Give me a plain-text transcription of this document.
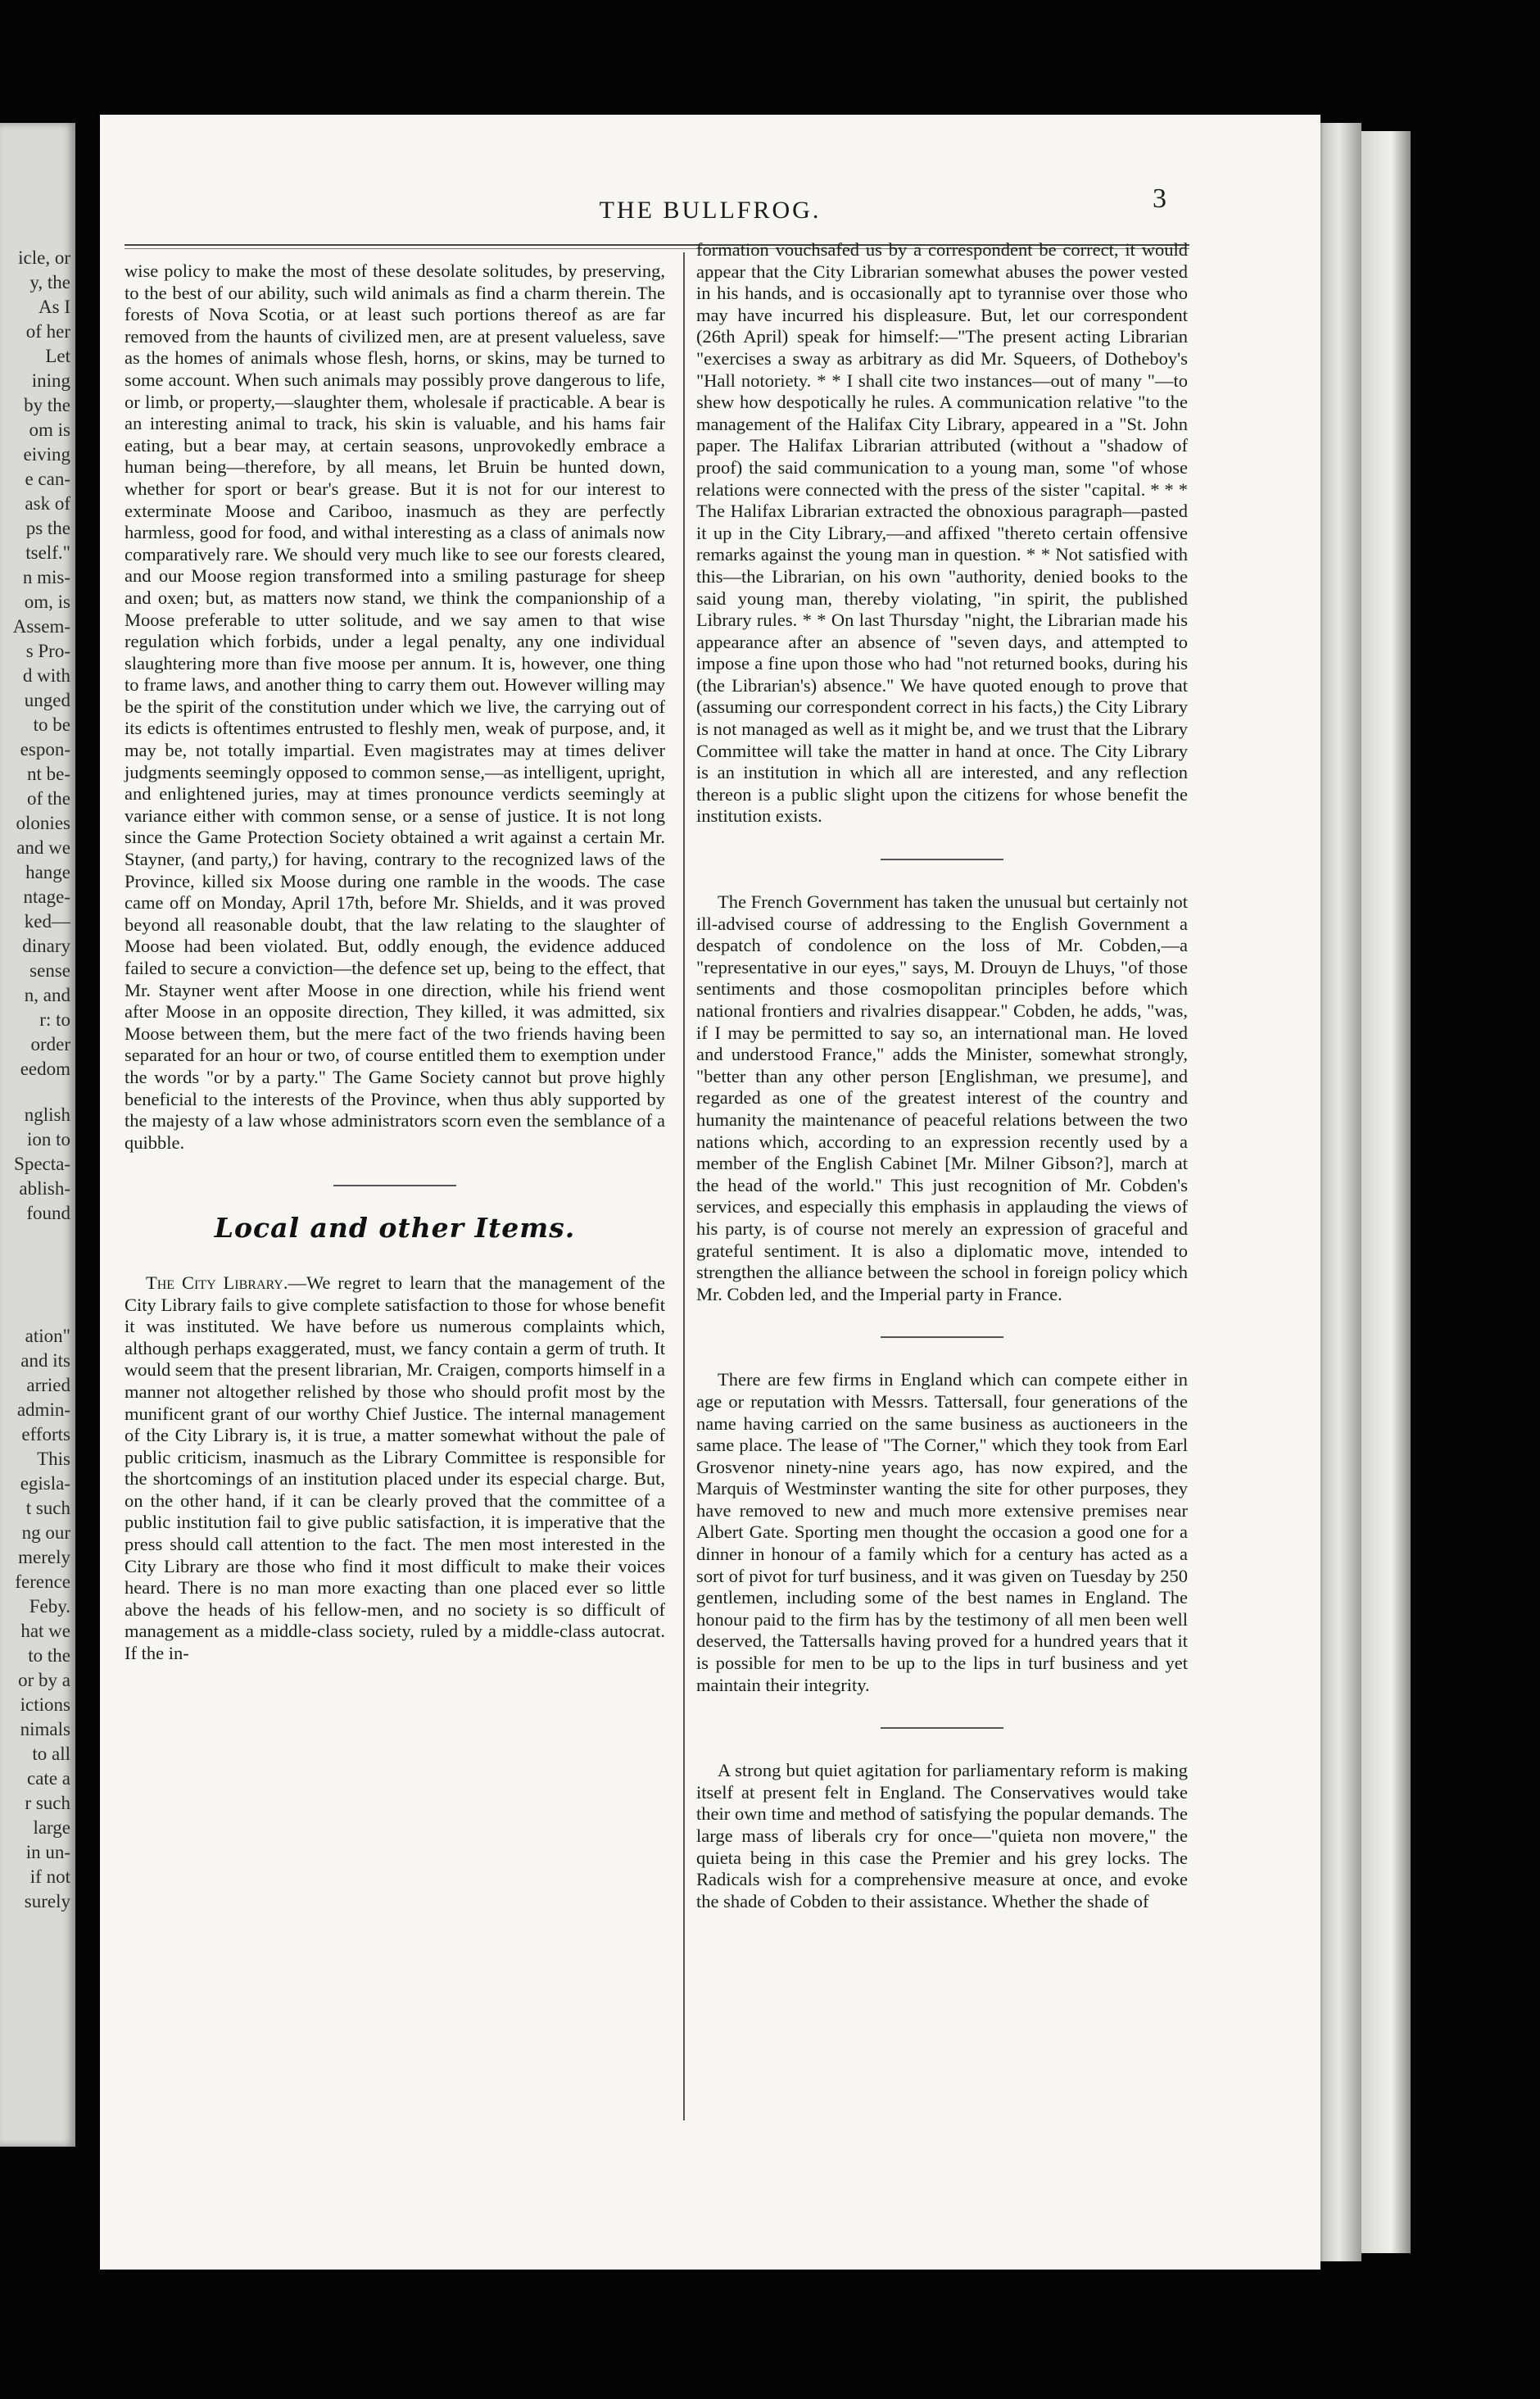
icle, or
y, the
As I
of her
Let
ining
by the
om is
eiving
e can-
ask of
ps the
tself."
n mis-
om, is
Assem-
s Pro-
d with
unged
to be
espon-
nt be-
of the
olonies
and we
hange
ntage-
ked—
dinary
sense
n, and
r: to
order
eedom
nglish
ion to
Specta-
ablish-
found
ation"
and its
arried
admin-
efforts
This
egisla-
t such
ng our
merely
ference
Feby.
hat we
to the
or by a
ictions
nimals
to all
cate a
r such
large
in un-
if not
surely
THE BULLFROG.	3

wise policy to make the most of these desolate solitudes, by preserving, to the best of our ability, such wild animals as find a charm therein. The forests of Nova Scotia, or at least such portions thereof as are far removed from the haunts of civilized men, are at present valueless, save as the homes of animals whose flesh, horns, or skins, may be turned to some account. When such animals may possibly prove dangerous to life, or limb, or property,—slaughter them, wholesale if practicable. A bear is an interesting animal to track, his skin is valuable, and his hams fair eating, but a bear may, at certain seasons, unprovokedly embrace a human being—therefore, by all means, let Bruin be hunted down, whether for sport or bear's grease. But it is not for our interest to exterminate Moose and Cariboo, inasmuch as they are perfectly harmless, good for food, and withal interesting as a class of animals now comparatively rare. We should very much like to see our forests cleared, and our Moose region transformed into a smiling pasturage for sheep and oxen; but, as matters now stand, we think the companionship of a Moose preferable to utter solitude, and we say amen to that wise regulation which forbids, under a legal penalty, any one individual slaughtering more than five moose per annum. It is, however, one thing to frame laws, and another thing to carry them out. However willing may be the spirit of the constitution under which we live, the carrying out of its edicts is oftentimes entrusted to fleshly men, weak of purpose, and, it may be, not totally impartial. Even magistrates may at times deliver judgments seemingly opposed to common sense,—as intelligent, upright, and enlightened juries, may at times pronounce verdicts seemingly at variance either with common sense, or a sense of justice. It is not long since the Game Protection Society obtained a writ against a certain Mr. Stayner, (and party,) for having, contrary to the recognized laws of the Province, killed six Moose during one ramble in the woods. The case came off on Monday, April 17th, before Mr. Shields, and it was proved beyond all reasonable doubt, that the law relating to the slaughter of Moose had been violated. But, oddly enough, the evidence adduced failed to secure a conviction—the defence set up, being to the effect, that Mr. Stayner went after Moose in one direction, while his friend went after Moose in an opposite direction, They killed, it was admitted, six Moose between them, but the mere fact of the two friends having been separated for an hour or two, of course entitled them to exemption under the words "or by a party." The Game Society cannot but prove highly beneficial to the interests of the Province, when thus ably supported by the majesty of a law whose administrators scorn even the semblance of a quibble.

Local and other Items.

The City Library.—We regret to learn that the management of the City Library fails to give complete satisfaction to those for whose benefit it was instituted. We have before us numerous complaints which, although perhaps exaggerated, must, we fancy contain a germ of truth. It would seem that the present librarian, Mr. Craigen, comports himself in a manner not altogether relished by those who should profit most by the munificent grant of our worthy Chief Justice. The internal management of the City Library is, it is true, a matter somewhat without the pale of public criticism, inasmuch as the Library Committee is responsible for the shortcomings of an institution placed under its especial charge. But, on the other hand, if it can be clearly proved that the committee of a public institution fail to give public satisfaction, it is imperative that the press should call attention to the fact. The men most interested in the City Library are those who find it most difficult to make their voices heard. There is no man more exacting than one placed ever so little above the heads of his fellow-men, and no society is so difficult of management as a middle-class society, ruled by a middle-class autocrat. If the in-

formation vouchsafed us by a correspondent be correct, it would appear that the City Librarian somewhat abuses the power vested in his hands, and is occasionally apt to tyrannise over those who may have incurred his displeasure. But, let our correspondent (26th April) speak for himself:—"The present acting Librarian "exercises a sway as arbitrary as did Mr. Squeers, of Dotheboy's "Hall notoriety. * * I shall cite two instances—out of many "—to shew how despotically he rules. A communication relative "to the management of the Halifax City Library, appeared in a "St. John paper. The Halifax Librarian attributed (without a "shadow of proof) the said communication to a young man, some "of whose relations were connected with the press of the sister "capital. * * * The Halifax Librarian extracted the obnoxious paragraph—pasted it up in the City Library,—and affixed "thereto certain offensive remarks against the young man in question. * * Not satisfied with this—the Librarian, on his own "authority, denied books to the said young man, thereby violating, "in spirit, the published Library rules. * * On last Thursday "night, the Librarian made his appearance after an absence of "seven days, and attempted to impose a fine upon those who had "not returned books, during his (the Librarian's) absence." We have quoted enough to prove that (assuming our correspondent correct in his facts,) the City Library is not managed as well as it might be, and we trust that the Library Committee will take the matter in hand at once. The City Library is an institution in which all are interested, and any reflection thereon is a public slight upon the citizens for whose benefit the institution exists.

The French Government has taken the unusual but certainly not ill-advised course of addressing to the English Government a despatch of condolence on the loss of Mr. Cobden,—a "representative in our eyes," says, M. Drouyn de Lhuys, "of those sentiments and those cosmopolitan principles before which national frontiers and rivalries disappear." Cobden, he adds, "was, if I may be permitted to say so, an international man. He loved and understood France," adds the Minister, somewhat strongly, "better than any other person [Englishman, we presume], and regarded as one of the greatest interest of the country and humanity the maintenance of peaceful relations between the two nations which, according to an expression recently used by a member of the English Cabinet [Mr. Milner Gibson?], march at the head of the world." This just recognition of Mr. Cobden's services, and especially this emphasis in applauding the views of his party, is of course not merely an expression of graceful and grateful sentiment. It is also a diplomatic move, intended to strengthen the alliance between the school in foreign policy which Mr. Cobden led, and the Imperial party in France.

There are few firms in England which can compete either in age or reputation with Messrs. Tattersall, four generations of the name having carried on the same business as auctioneers in the same place. The lease of "The Corner," which they took from Earl Grosvenor ninety-nine years ago, has now expired, and the Marquis of Westminster wanting the site for other purposes, they have removed to new and much more extensive premises near Albert Gate. Sporting men thought the occasion a good one for a dinner in honour of a family which for a century has acted as a sort of pivot for turf business, and it was given on Tuesday by 250 gentlemen, including some of the best names in England. The honour paid to the firm has by the testimony of all men been well deserved, the Tattersalls having proved for a hundred years that it is possible for men to be up to the lips in turf business and yet maintain their integrity.

A strong but quiet agitation for parliamentary reform is making itself at present felt in England. The Conservatives would take their own time and method of satisfying the popular demands. The large mass of liberals cry for once—"quieta non movere," the quieta being in this case the Premier and his grey locks. The Radicals wish for a comprehensive measure at once, and evoke the shade of Cobden to their assistance. Whether the shade of
